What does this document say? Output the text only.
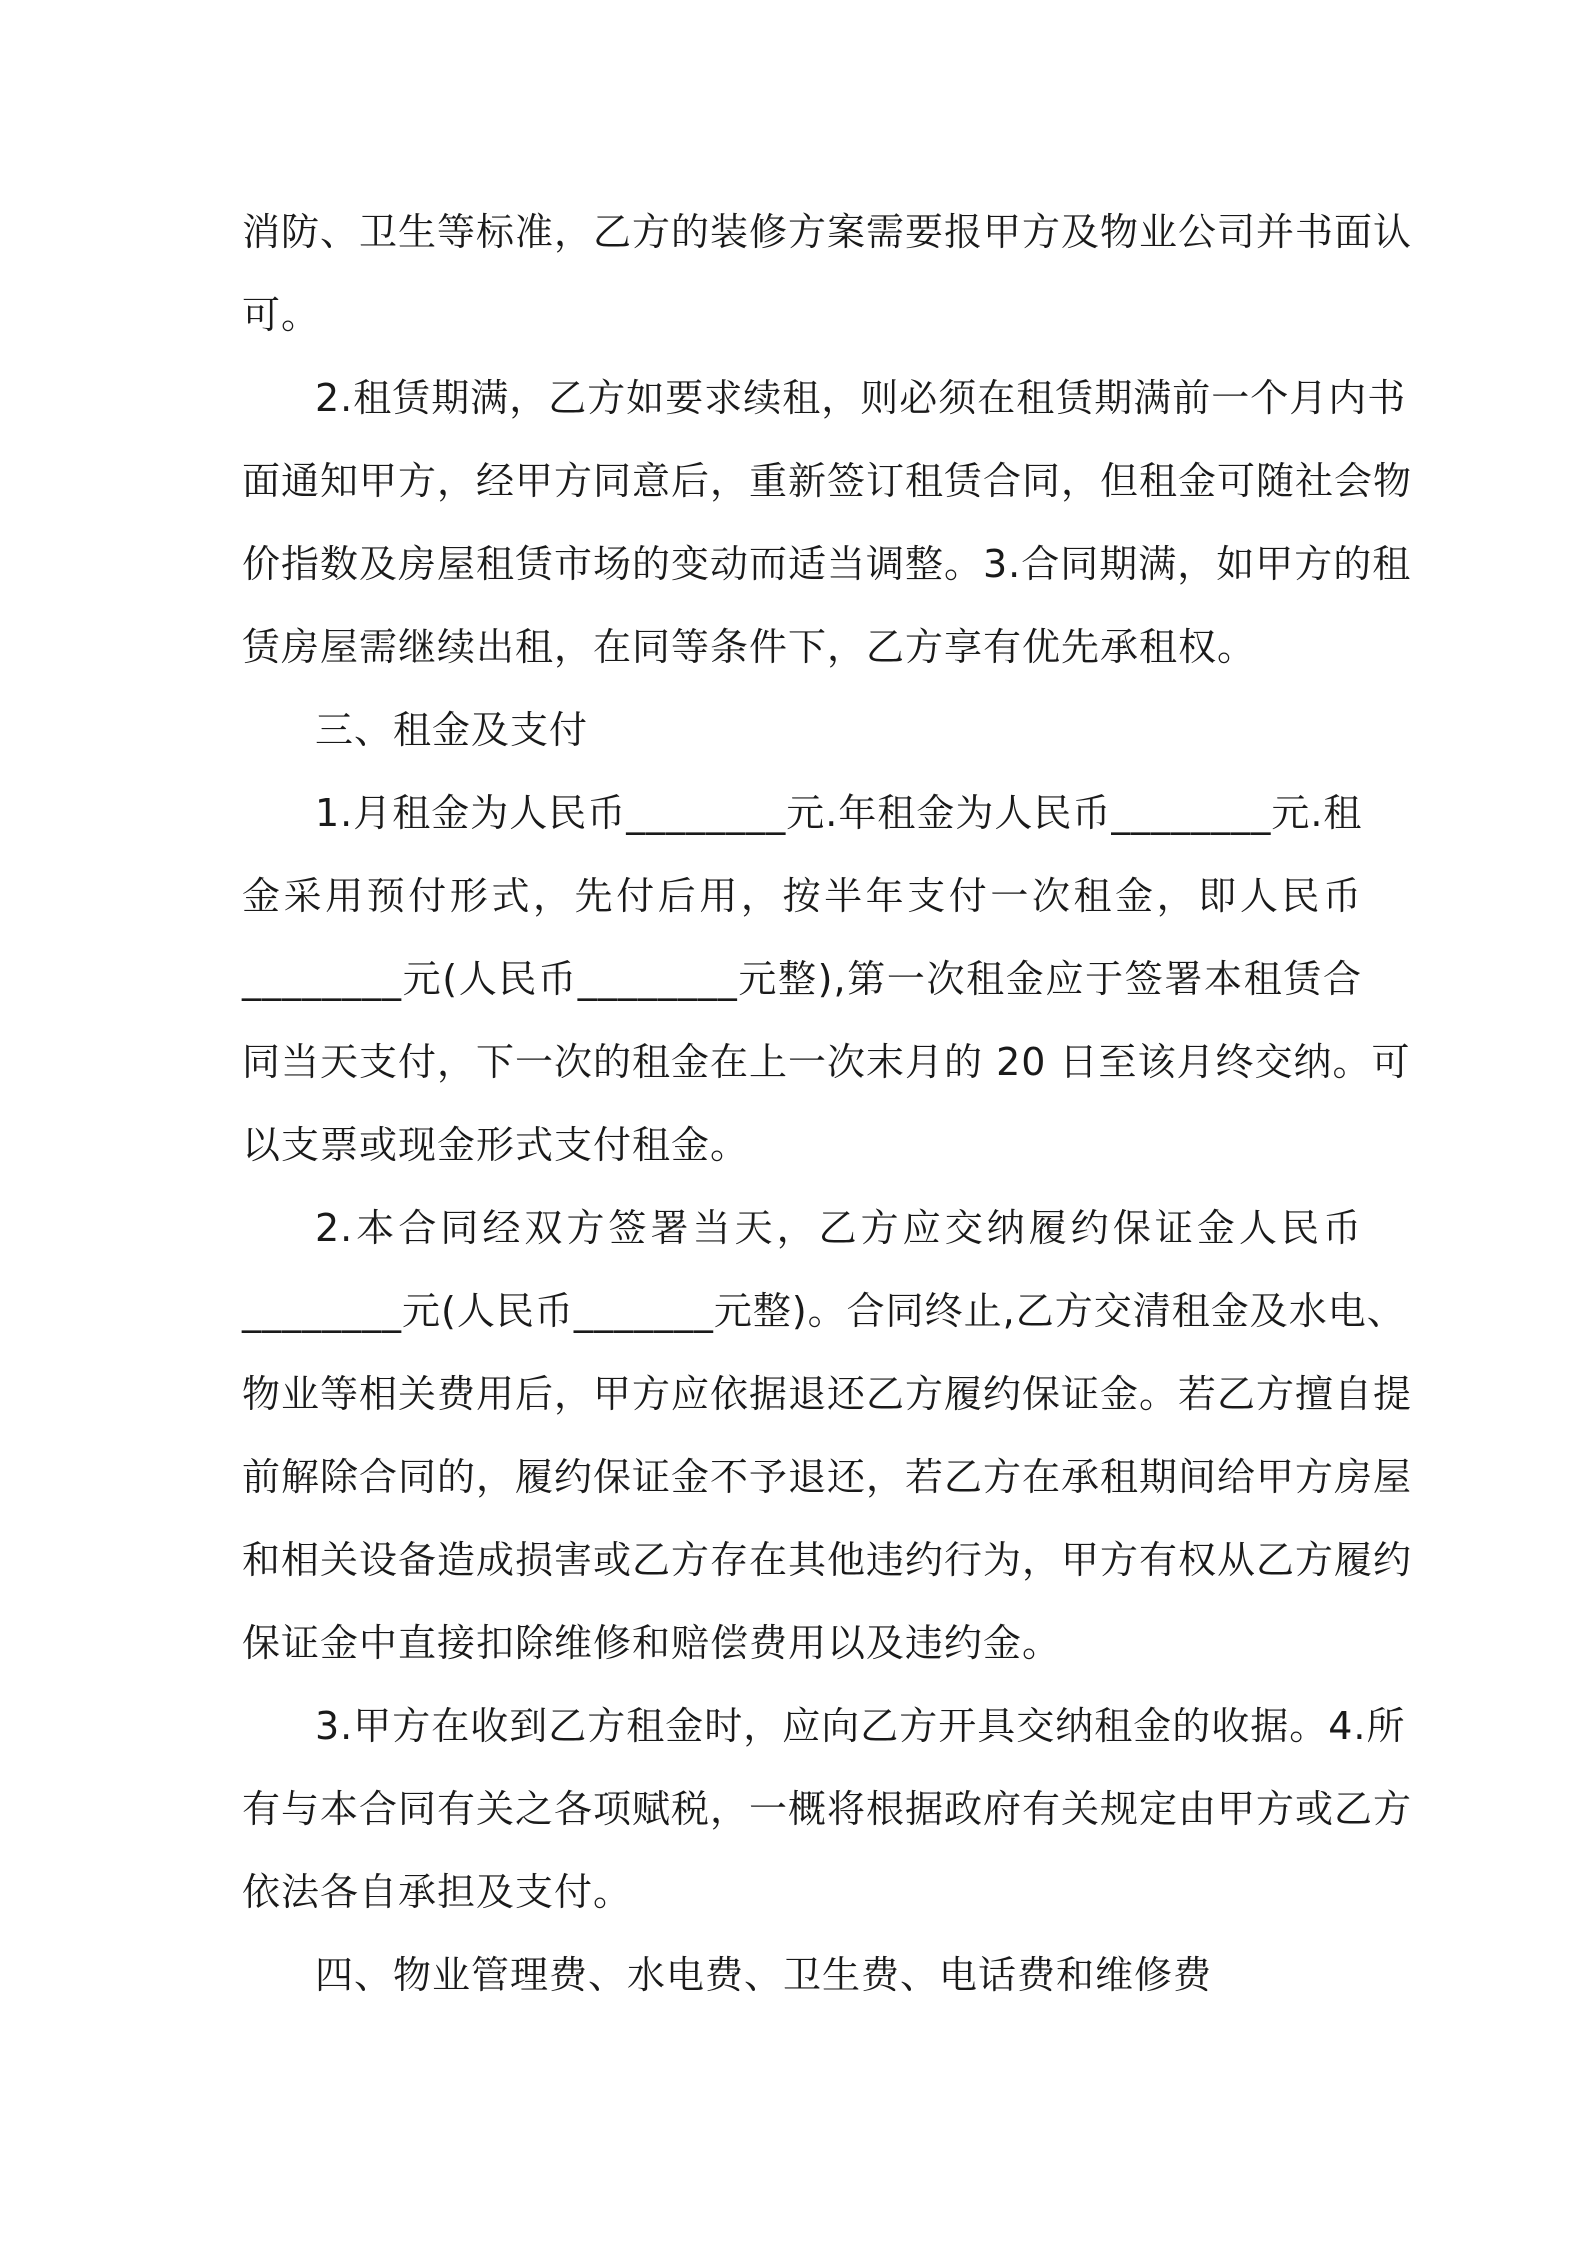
消防、卫生等标准，乙方的装修方案需要报甲方及物业公司并书面认
可。
2.租赁期满，乙方如要求续租，则必须在租赁期满前一个月内书
面通知甲方，经甲方同意后，重新签订租赁合同，但租金可随社会物
价指数及房屋租赁市场的变动而适当调整。3.合同期满，如甲方的租
赁房屋需继续出租，在同等条件下，乙方享有优先承租权。
三、租金及支付
1.月租金为人民币________元.年租金为人民币________元.租
金采用预付形式，先付后用，按半年支付一次租金，即人民币
________元(人民币________元整),第一次租金应于签署本租赁合
同当天支付，下一次的租金在上一次末月的 20 日至该月终交纳。可
以支票或现金形式支付租金。
2.本合同经双方签署当天，乙方应交纳履约保证金人民币
________元(人民币_______元整)。合同终止,乙方交清租金及水电、
物业等相关费用后，甲方应依据退还乙方履约保证金。若乙方擅自提
前解除合同的，履约保证金不予退还，若乙方在承租期间给甲方房屋
和相关设备造成损害或乙方存在其他违约行为，甲方有权从乙方履约
保证金中直接扣除维修和赔偿费用以及违约金。
3.甲方在收到乙方租金时，应向乙方开具交纳租金的收据。4.所
有与本合同有关之各项赋税，一概将根据政府有关规定由甲方或乙方
依法各自承担及支付。
四、物业管理费、水电费、卫生费、电话费和维修费
